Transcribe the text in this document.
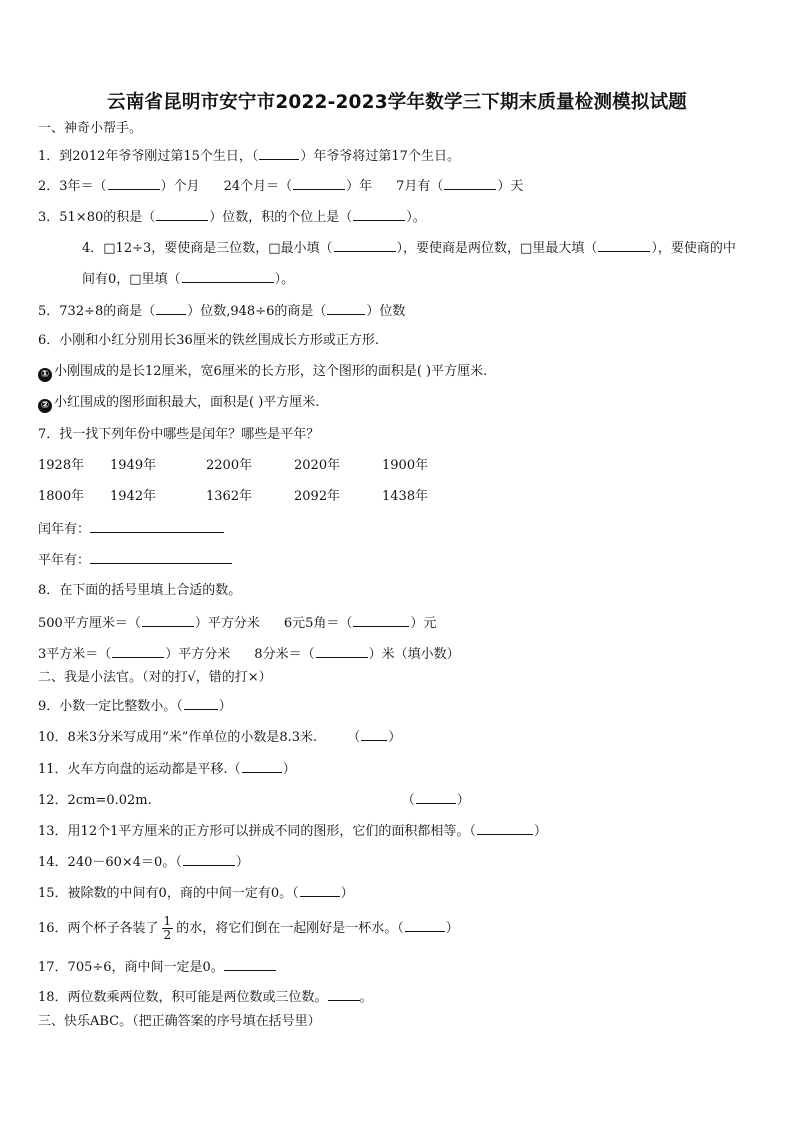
云南省昆明市安宁市2022-2023学年数学三下期末质量检测模拟试题
一、神奇小帮手。
1．到2012年爷爷刚过第15个生日，（	）年爷爷将过第17个生日。
2．3年＝（	）个月 24个月＝（	）年 7月有（	）天
3．51×80的积是（	）位数，积的个位上是（	）。
4．□12÷3，要使商是三位数，□最小填（	），要使商是两位数，□里最大填（	），要使商的中
间有0，□里填（	）。
5．732÷8的商是（ ）位数,948÷6的商是（	）位数
6．小刚和小红分别用长36厘米的铁丝围成长方形或正方形.
① 小刚围成的是长12厘米，宽6厘米的长方形，这个图形的面积是( )平方厘米.
② 小红围成的图形面积最大，面积是( )平方厘米.
7．找一找下列年份中哪些是闰年？哪些是平年？
1928年 1949年	2200年	2020年	1900年
1800年 1942年	1362年	2092年	1438年
闰年有：
平年有：
8．在下面的括号里填上合适的数。
500平方厘米＝（	）平方分米 6元5角＝（	）元
3平方米＝（	）平方分米 8分米＝（	）米（填小数）
二、我是小法官。（对的打√，错的打×）
9．小数一定比整数小。（	）
10．8米3分米写成用“米”作单位的小数是8.3米. （ ）
11．火车方向盘的运动都是平移.（	）
12．2cm=0.02m.	（	）
13．用12个1平方厘米的正方形可以拼成不同的图形，它们的面积都相等。（	）
14．240－60×4＝0。（	）
15．被除数的中间有0，商的中间一定有0。（	）
16．两个杯子各装了 $\frac{1}{2}$ 的水，将它们倒在一起刚好是一杯水。（	）
17．705÷6，商中间一定是0。
18．两位数乘两位数，积可能是两位数或三位数。 。
三、快乐ABC。（把正确答案的序号填在括号里）
